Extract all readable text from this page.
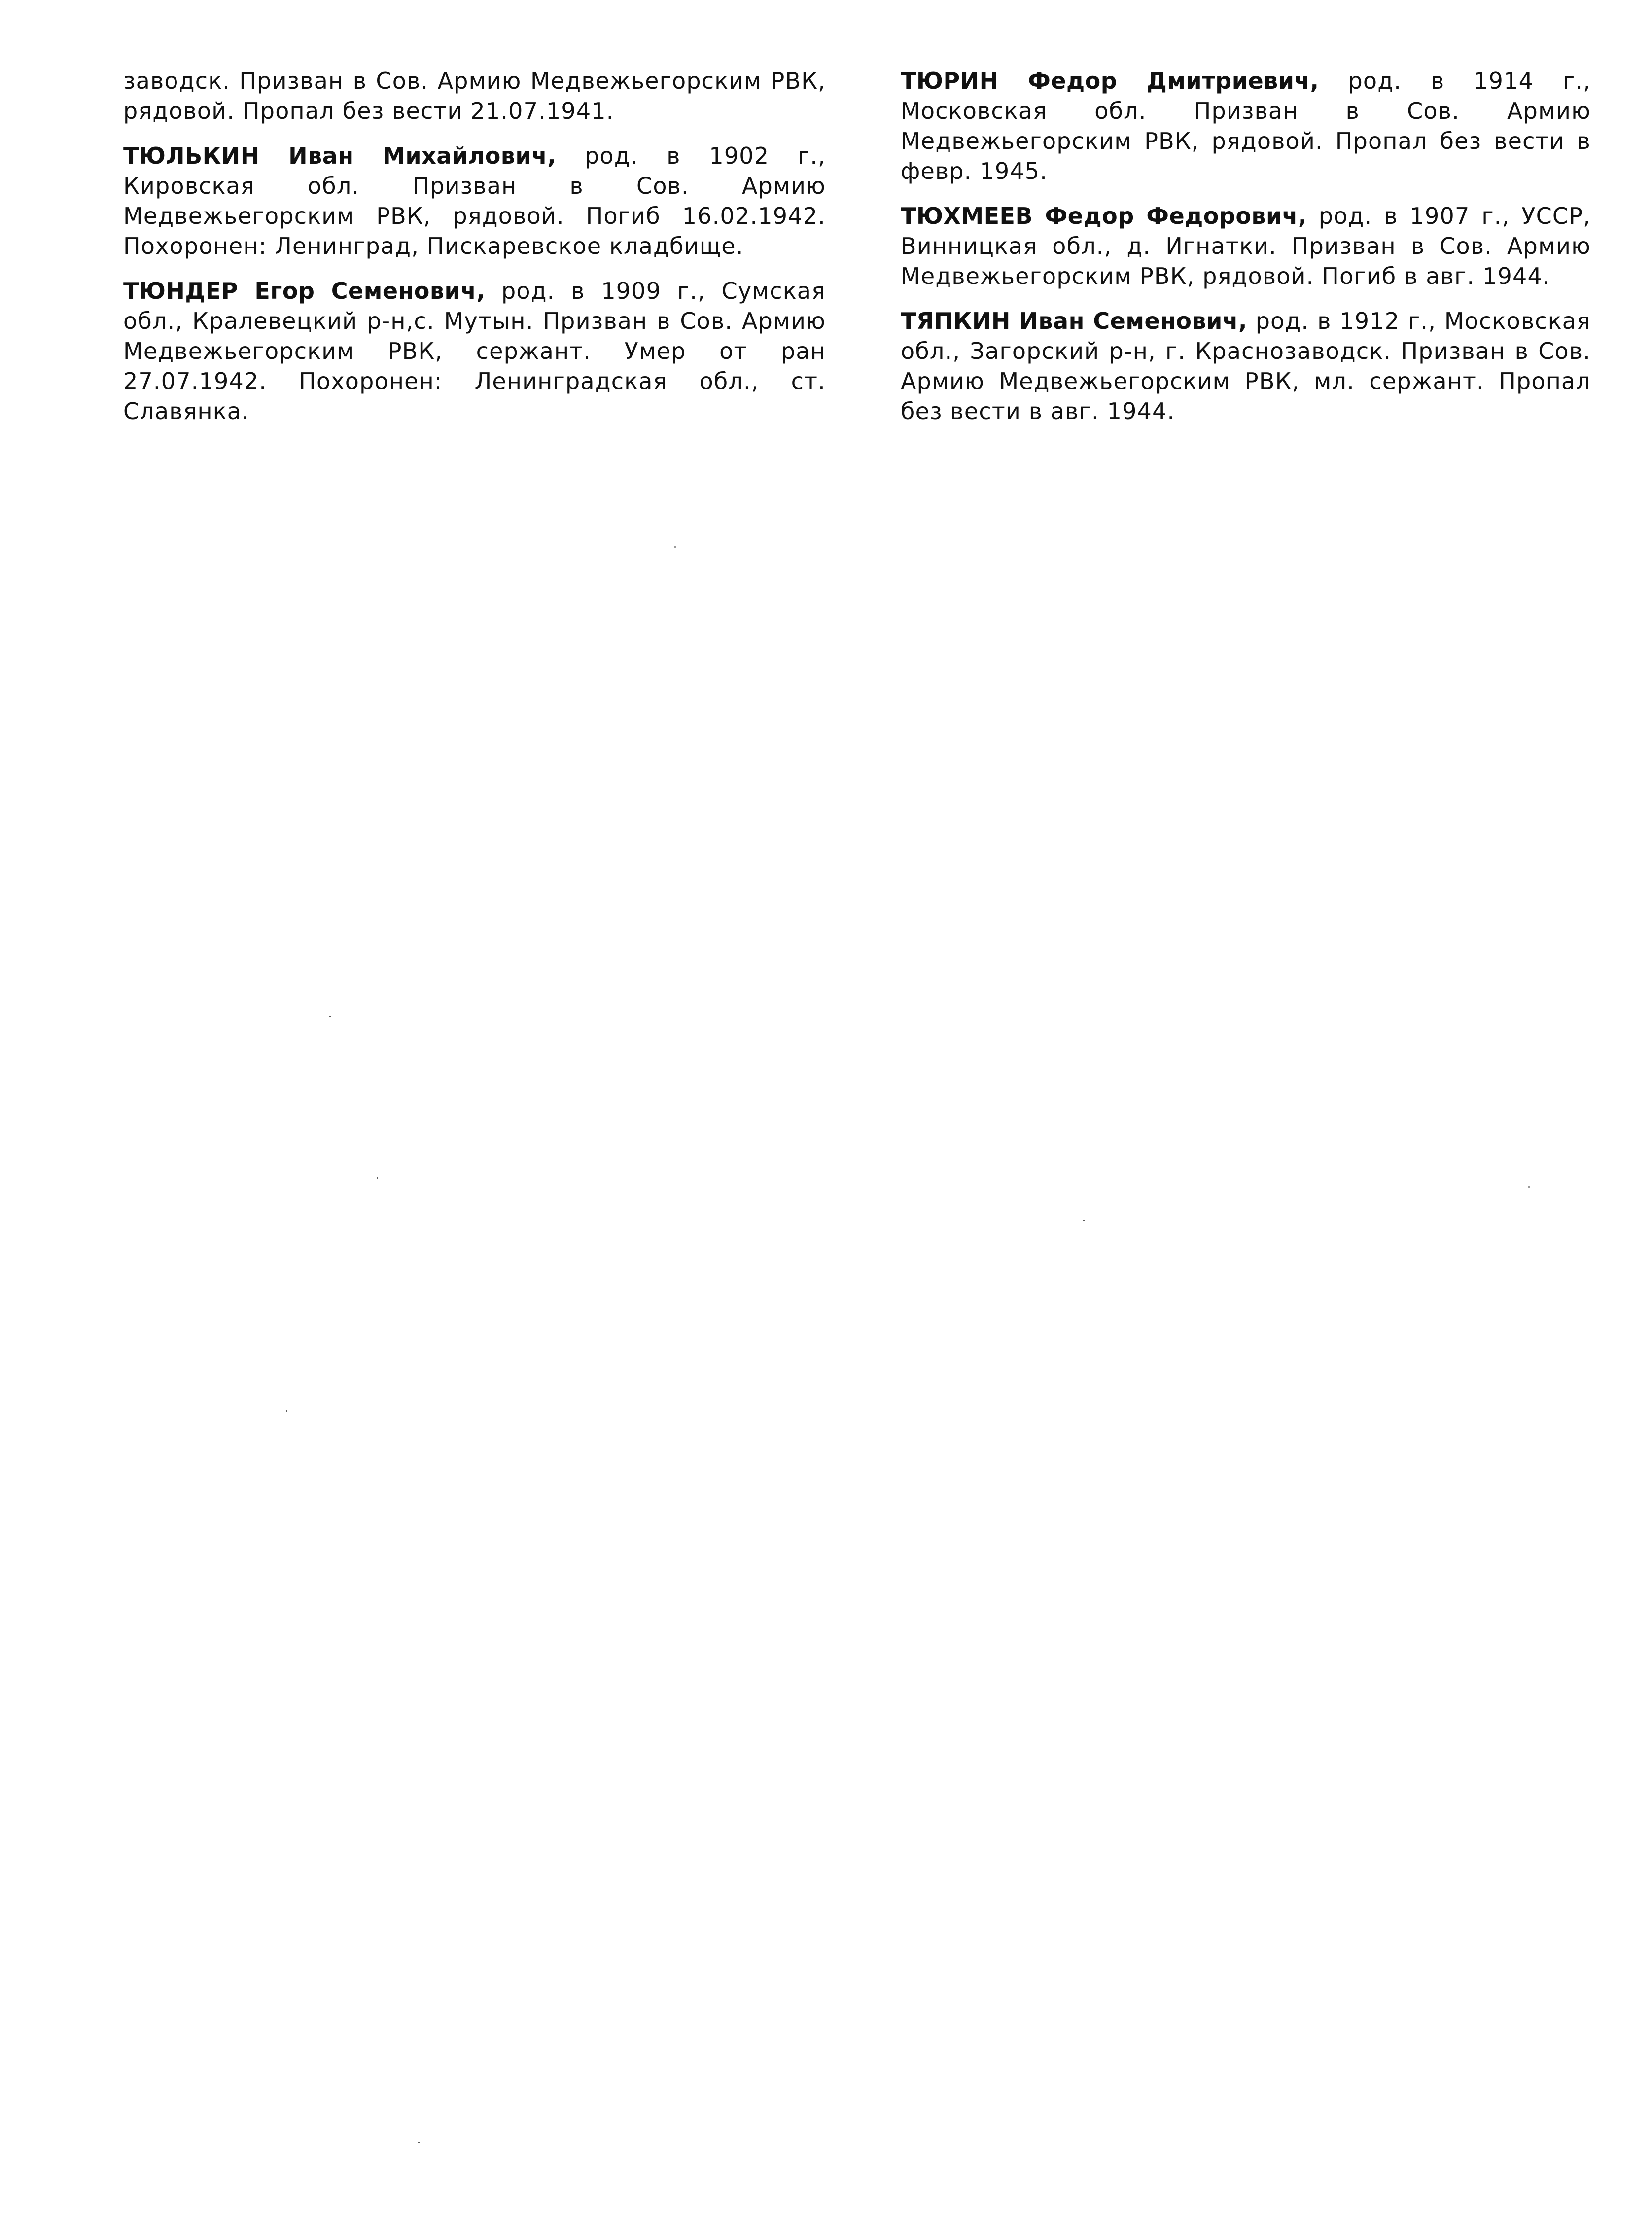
заводск. Призван в Сов. Армию Медвежьегорским РВК, рядовой. Пропал без вести 21.07.1941.

ТЮЛЬКИН Иван Михайлович, род. в 1902 г., Кировская обл. Призван в Сов. Армию Медвежьегорским РВК, рядовой. Погиб 16.02.1942. Похоронен: Ленинград, Пискаревское кладбище.

ТЮНДЕР Егор Семенович, род. в 1909 г., Сумская обл., Кралевецкий р-н,с. Мутын. Призван в Сов. Армию Медвежьегорским РВК, сержант. Умер от ран 27.07.1942. Похоронен: Ленинградская обл., ст. Славянка.

ТЮРИН Федор Дмитриевич, род. в 1914 г., Московская обл. Призван в Сов. Армию Медвежьегорским РВК, рядовой. Пропал без вести в февр. 1945.

ТЮХМЕЕВ Федор Федорович, род. в 1907 г., УССР, Винницкая обл., д. Игнатки. Призван в Сов. Армию Медвежьегорским РВК, рядовой. Погиб в авг. 1944.

ТЯПКИН Иван Семенович, род. в 1912 г., Московская обл., Загорский р-н, г. Краснозаводск. Призван в Сов. Армию Медвежьегорским РВК, мл. сержант. Пропал без вести в авг. 1944.
